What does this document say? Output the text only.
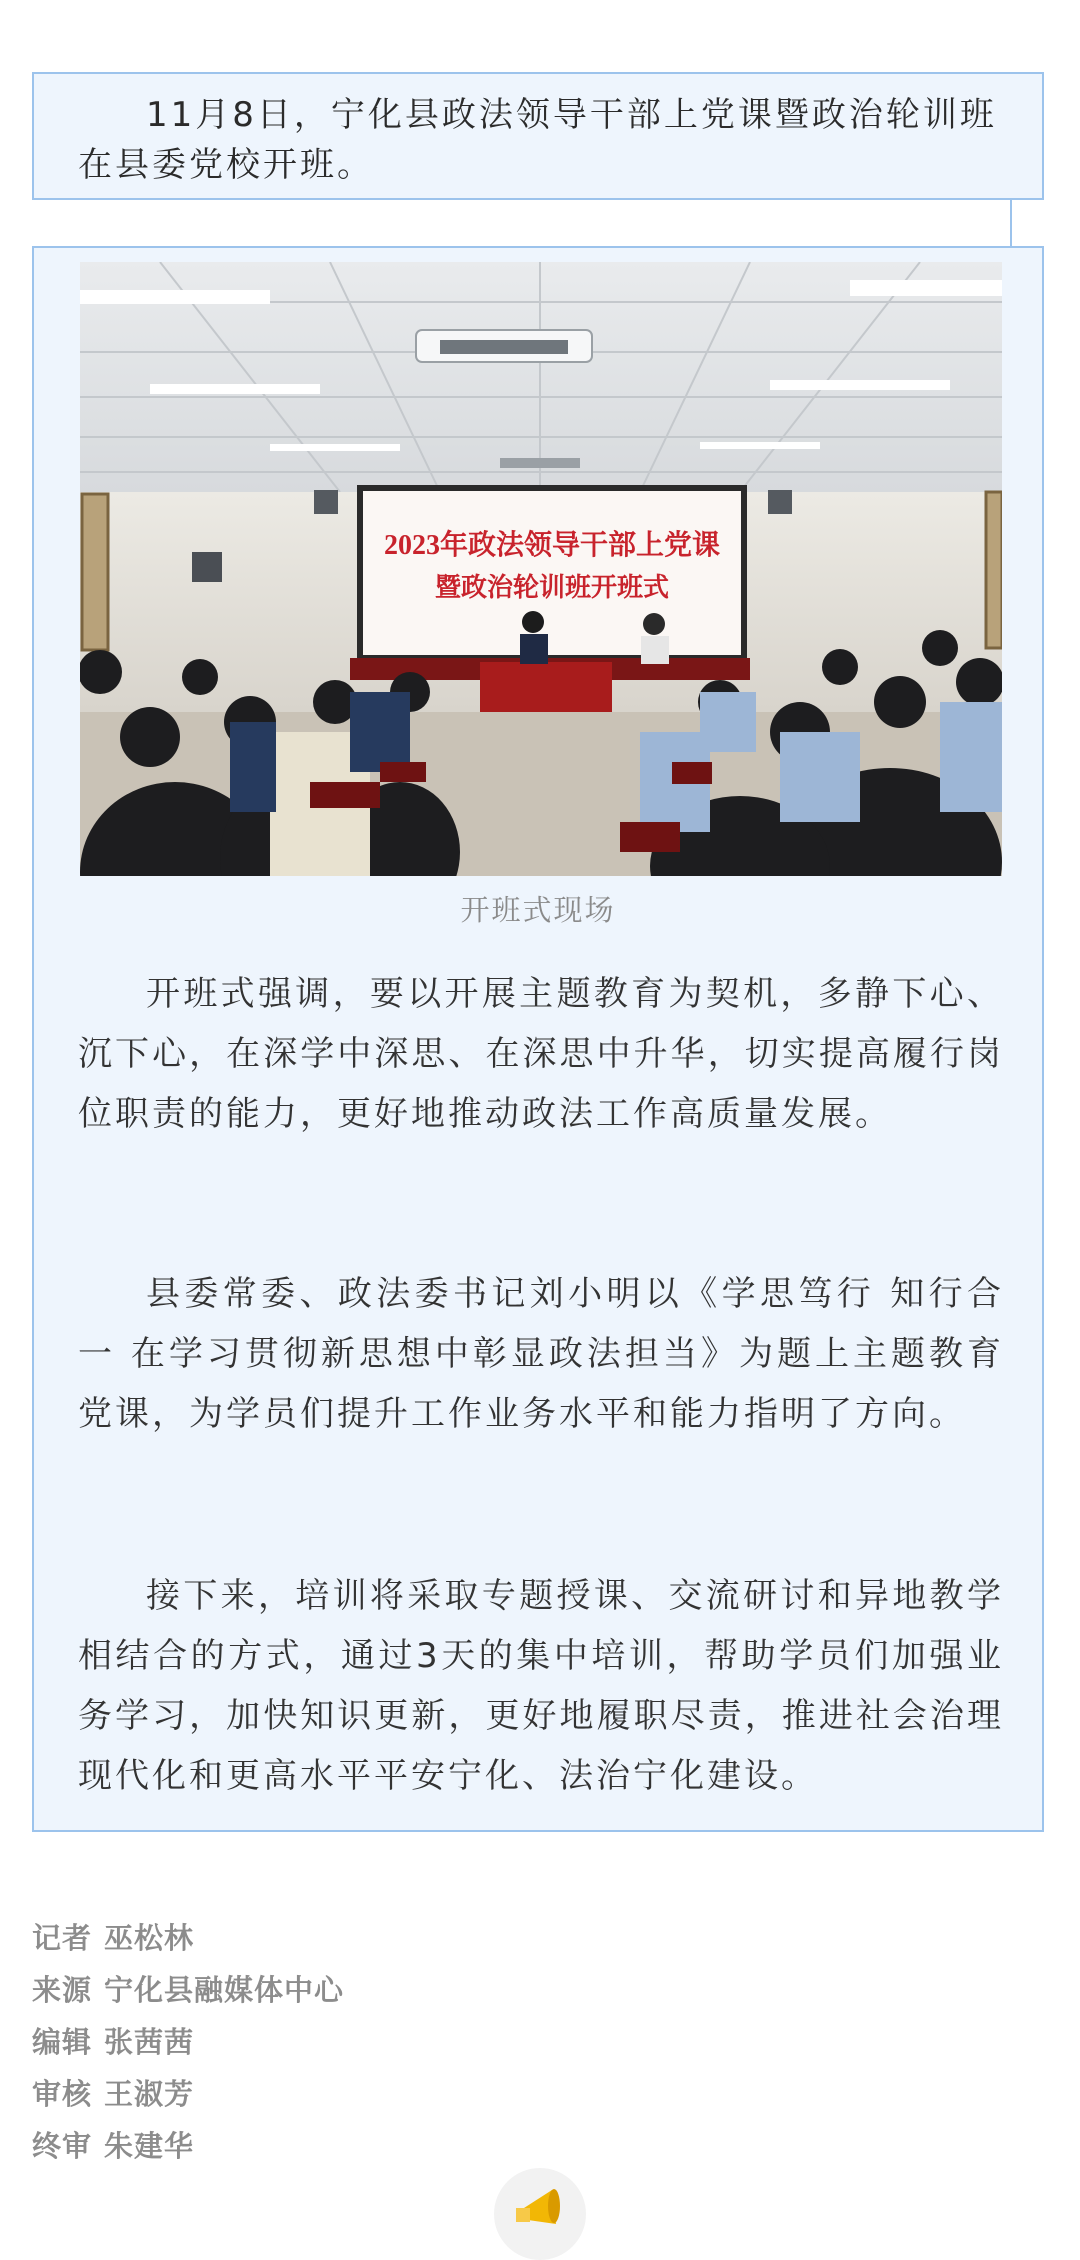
11月8日，宁化县政法领导干部上党课暨政治轮训班在县委党校开班。

2023年政法领导干部上党课
暨政治轮训班开班式
开班式现场

开班式强调，要以开展主题教育为契机，多静下心、沉下心，在深学中深思、在深思中升华，切实提高履行岗位职责的能力，更好地推动政法工作高质量发展。

县委常委、政法委书记刘小明以《学思笃行 知行合一 在学习贯彻新思想中彰显政法担当》为题上主题教育党课，为学员们提升工作业务水平和能力指明了方向。

接下来，培训将采取专题授课、交流研讨和异地教学相结合的方式，通过3天的集中培训，帮助学员们加强业务学习，加快知识更新，更好地履职尽责，推进社会治理现代化和更高水平平安宁化、法治宁化建设。

记者 巫松林
来源 宁化县融媒体中心
编辑 张茜茜
审核 王淑芳
终审 朱建华
